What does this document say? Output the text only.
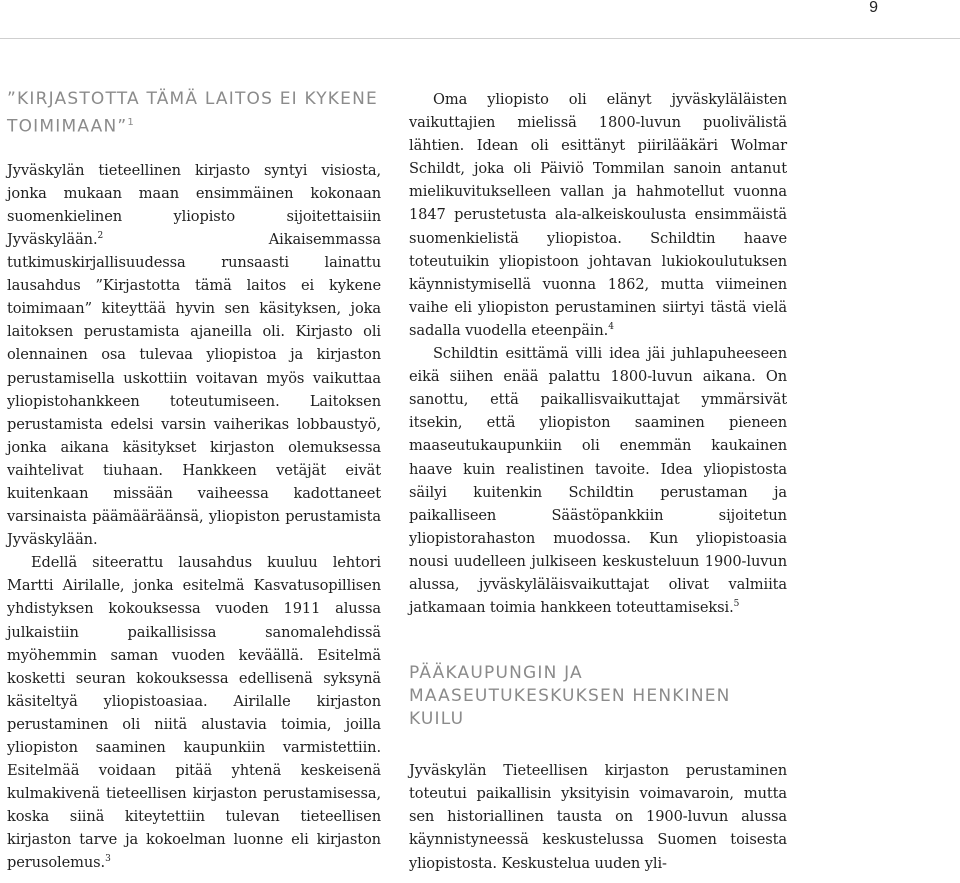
9
”KIRJASTOTTA TÄMÄ LAITOS EI KYKENE TOIMIMAAN”$^1$

Jyväskylän tieteellinen kirjasto syntyi visiosta, jonka mukaan maan ensimmäinen kokonaan suomenkielinen yliopisto sijoitettaisiin Jyväskylään.$^2$ Aikaisemmassa tutkimuskirjallisuudessa runsaasti lainattu lausahdus ”Kirjastotta tämä laitos ei kykene toimimaan” kiteyttää hyvin sen käsityksen, joka laitoksen perustamista ajaneilla oli. Kirjasto oli olennainen osa tulevaa yliopistoa ja kirjaston perustamisella uskottiin voitavan myös vaikuttaa yliopistohankkeen toteutumiseen. Laitoksen perustamista edelsi varsin vaiherikas lobbaustyö, jonka aikana käsitykset kirjaston olemuksessa vaihtelivat tiuhaan. Hankkeen vetäjät eivät kuitenkaan missään vaiheessa kadottaneet varsinaista päämääräänsä, yliopiston perustamista Jyväskylään.

Edellä siteerattu lausahdus kuuluu lehtori Martti Airilalle, jonka esitelmä Kasvatusopillisen yhdistyksen kokouksessa vuoden 1911 alussa julkaistiin paikallisissa sanomalehdissä myöhemmin saman vuoden keväällä. Esitelmä kosketti seuran kokouksessa edellisenä syksynä käsiteltyä yliopistoasiaa. Airilalle kirjaston perustaminen oli niitä alustavia toimia, joilla yliopiston saaminen kaupunkiin varmistettiin. Esitelmää voidaan pitää yhtenä keskeisenä kulmakivenä tieteellisen kirjaston perustamisessa, koska siinä kiteytettiin tulevan tieteellisen kirjaston tarve ja kokoelman luonne eli kirjaston perusolemus.$^3$

Oma yliopisto oli elänyt jyväskyläläisten vaikuttajien mielissä 1800-luvun puolivälistä lähtien. Idean oli esittänyt piirilääkäri Wolmar Schildt, joka oli Päiviö Tommilan sanoin antanut mielikuvitukselleen vallan ja hahmotellut vuonna 1847 perustetusta ala-alkeiskoulusta ensimmäistä suomenkielistä yliopistoa. Schildtin haave toteutuikin yliopistoon johtavan lukiokoulutuksen käynnistymisellä vuonna 1862, mutta viimeinen vaihe eli yliopiston perustaminen siirtyi tästä vielä sadalla vuodella eteenpäin.$^4$

Schildtin esittämä villi idea jäi juhlapuheeseen eikä siihen enää palattu 1800-luvun aikana. On sanottu, että paikallisvaikuttajat ymmärsivät itsekin, että yliopiston saaminen pieneen maaseutukaupunkiin oli enemmän kaukainen haave kuin realistinen tavoite. Idea yliopistosta säilyi kuitenkin Schildtin perustaman ja paikalliseen Säästöpankkiin sijoitetun yliopistorahaston muodossa. Kun yliopistoasia nousi uudelleen julkiseen keskusteluun 1900-luvun alussa, jyväskyläläisvaikuttajat olivat valmiita jatkamaan toimia hankkeen toteuttamiseksi.$^5$

PÄÄKAUPUNGIN JA MAASEUTUKESKUKSEN HENKINEN KUILU

Jyväskylän Tieteellisen kirjaston perustaminen toteutui paikallisin yksityisin voimavaroin, mutta sen historiallinen tausta on 1900-luvun alussa käynnistyneessä keskustelussa Suomen toisesta yliopistosta. Keskustelua uuden yli-
